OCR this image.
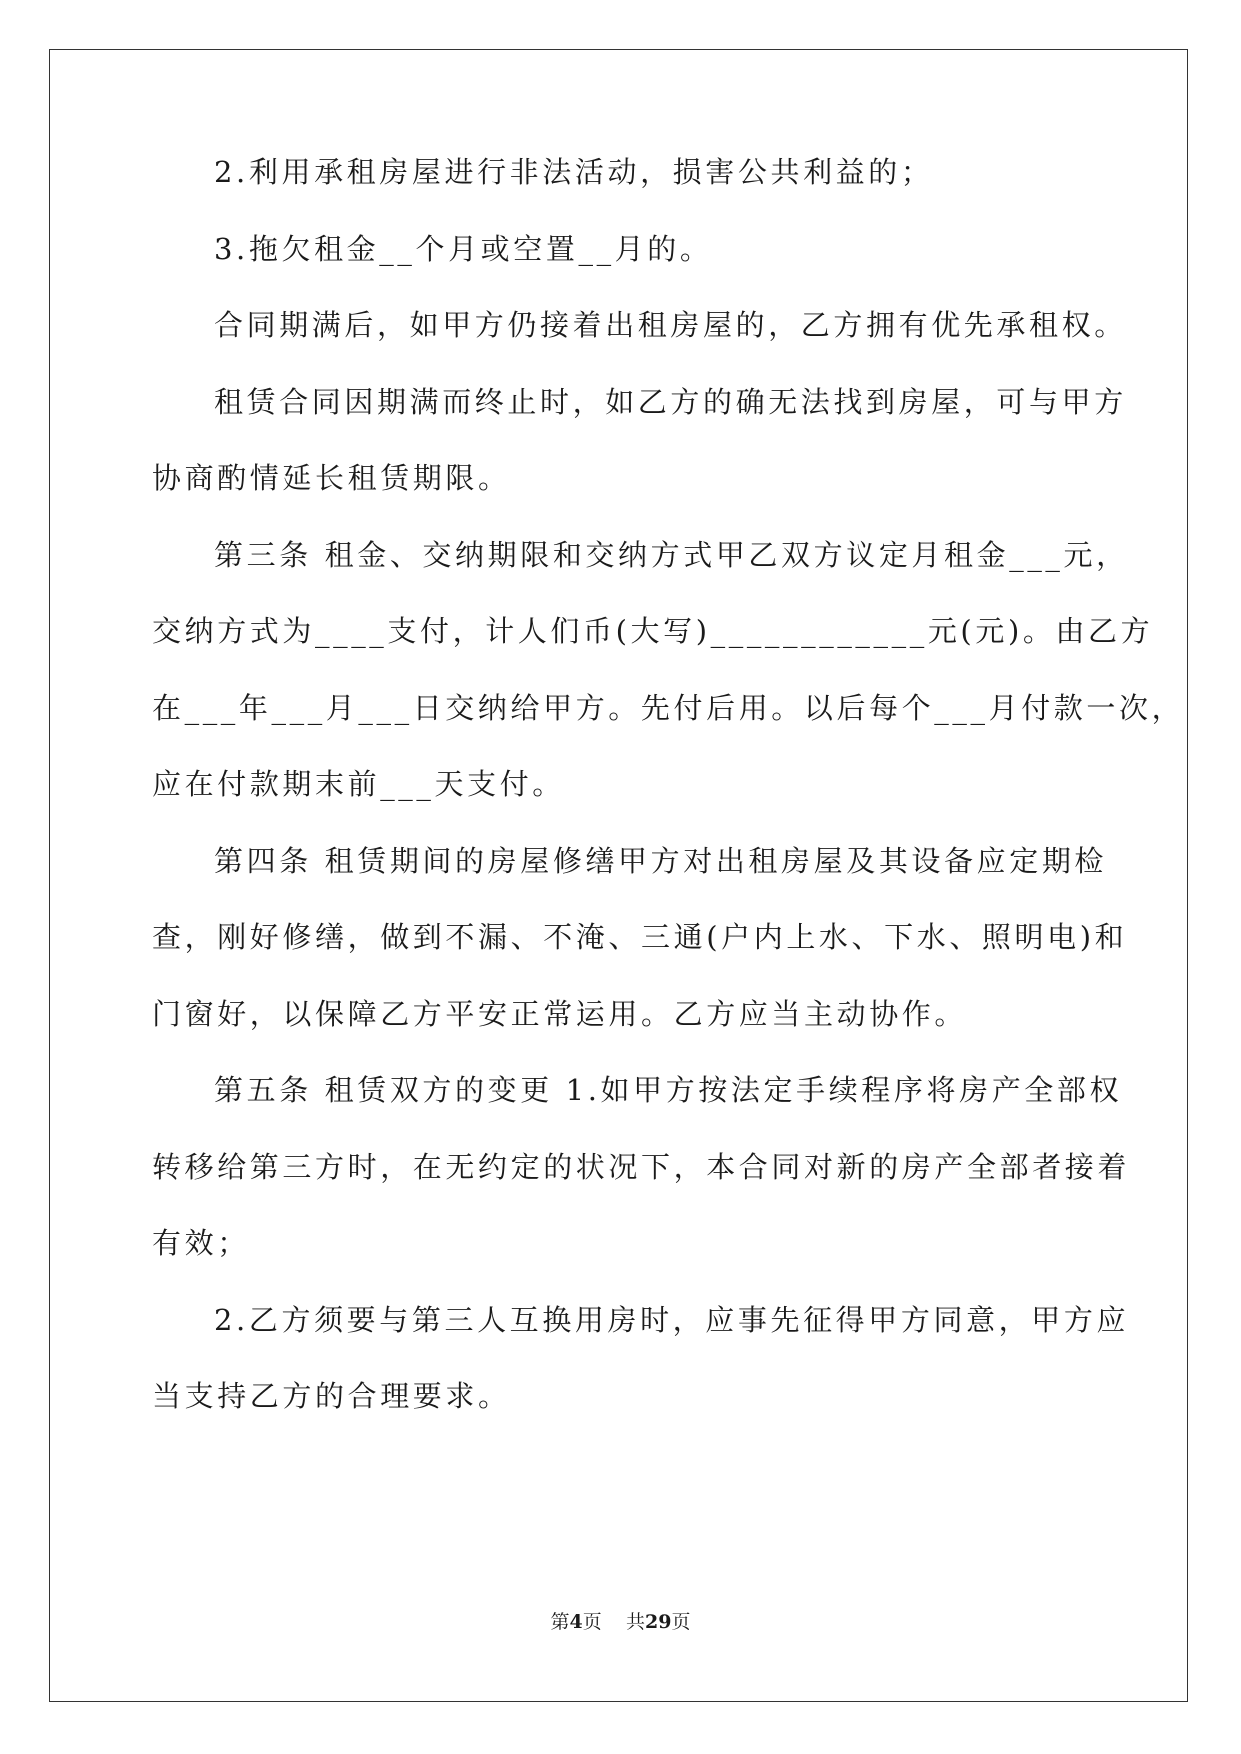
2.利用承租房屋进行非法活动，损害公共利益的；
3.拖欠租金__个月或空置__月的。
合同期满后，如甲方仍接着出租房屋的，乙方拥有优先承租权。
租赁合同因期满而终止时，如乙方的确无法找到房屋，可与甲方
协商酌情延长租赁期限。
第三条 租金、交纳期限和交纳方式甲乙双方议定月租金___元，
交纳方式为____支付，计人们币(大写)____________元(元)。由乙方
在___年___月___日交纳给甲方。先付后用。以后每个___月付款一次，
应在付款期末前___天支付。
第四条 租赁期间的房屋修缮甲方对出租房屋及其设备应定期检
查，刚好修缮，做到不漏、不淹、三通(户内上水、下水、照明电)和
门窗好，以保障乙方平安正常运用。乙方应当主动协作。
第五条 租赁双方的变更 1.如甲方按法定手续程序将房产全部权
转移给第三方时，在无约定的状况下，本合同对新的房产全部者接着
有效；
2.乙方须要与第三人互换用房时，应事先征得甲方同意，甲方应
当支持乙方的合理要求。
第4页 共29页
